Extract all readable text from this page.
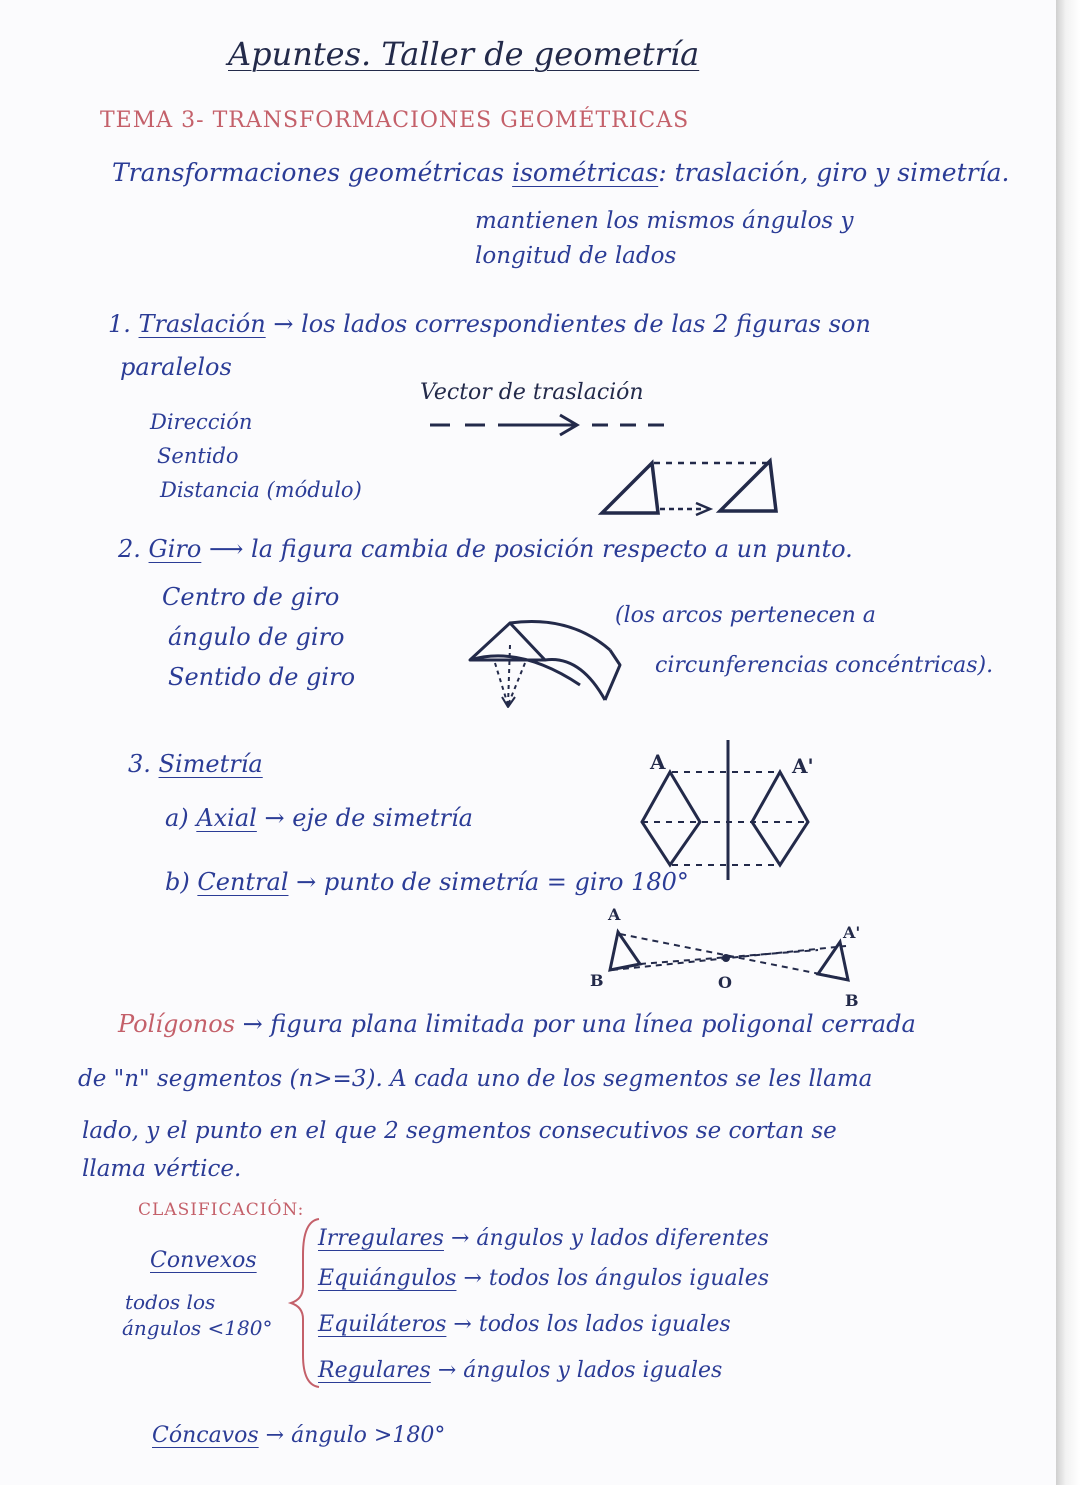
Apuntes. Taller de geometría
TEMA 3- TRANSFORMACIONES GEOMÉTRICAS
Transformaciones geométricas isométricas: traslación, giro y simetría.
mantienen los mismos ángulos y
longitud de lados
1. Traslación → los lados correspondientes de las 2 figuras son
paralelos
Vector de traslación
Dirección
Sentido
Distancia (módulo)
2. Giro ⟶ la figura cambia de posición respecto a un punto.
Centro de giro
ángulo de giro
Sentido de giro
(los arcos pertenecen a
circunferencias concéntricas).
3. Simetría
a) Axial → eje de simetría
b) Central → punto de simetría = giro 180°
A	A'
A
A'
B
B
O
Polígonos → figura plana limitada por una línea poligonal cerrada
de "n" segmentos (n>=3). A cada uno de los segmentos se les llama
lado, y el punto en el que 2 segmentos consecutivos se cortan se
llama vértice.
CLASIFICACIÓN:
Convexos
todos los
ángulos <180°
Irregulares → ángulos y lados diferentes
Equiángulos → todos los ángulos iguales
Equiláteros → todos los lados iguales
Regulares → ángulos y lados iguales
Cóncavos → ángulo >180°
